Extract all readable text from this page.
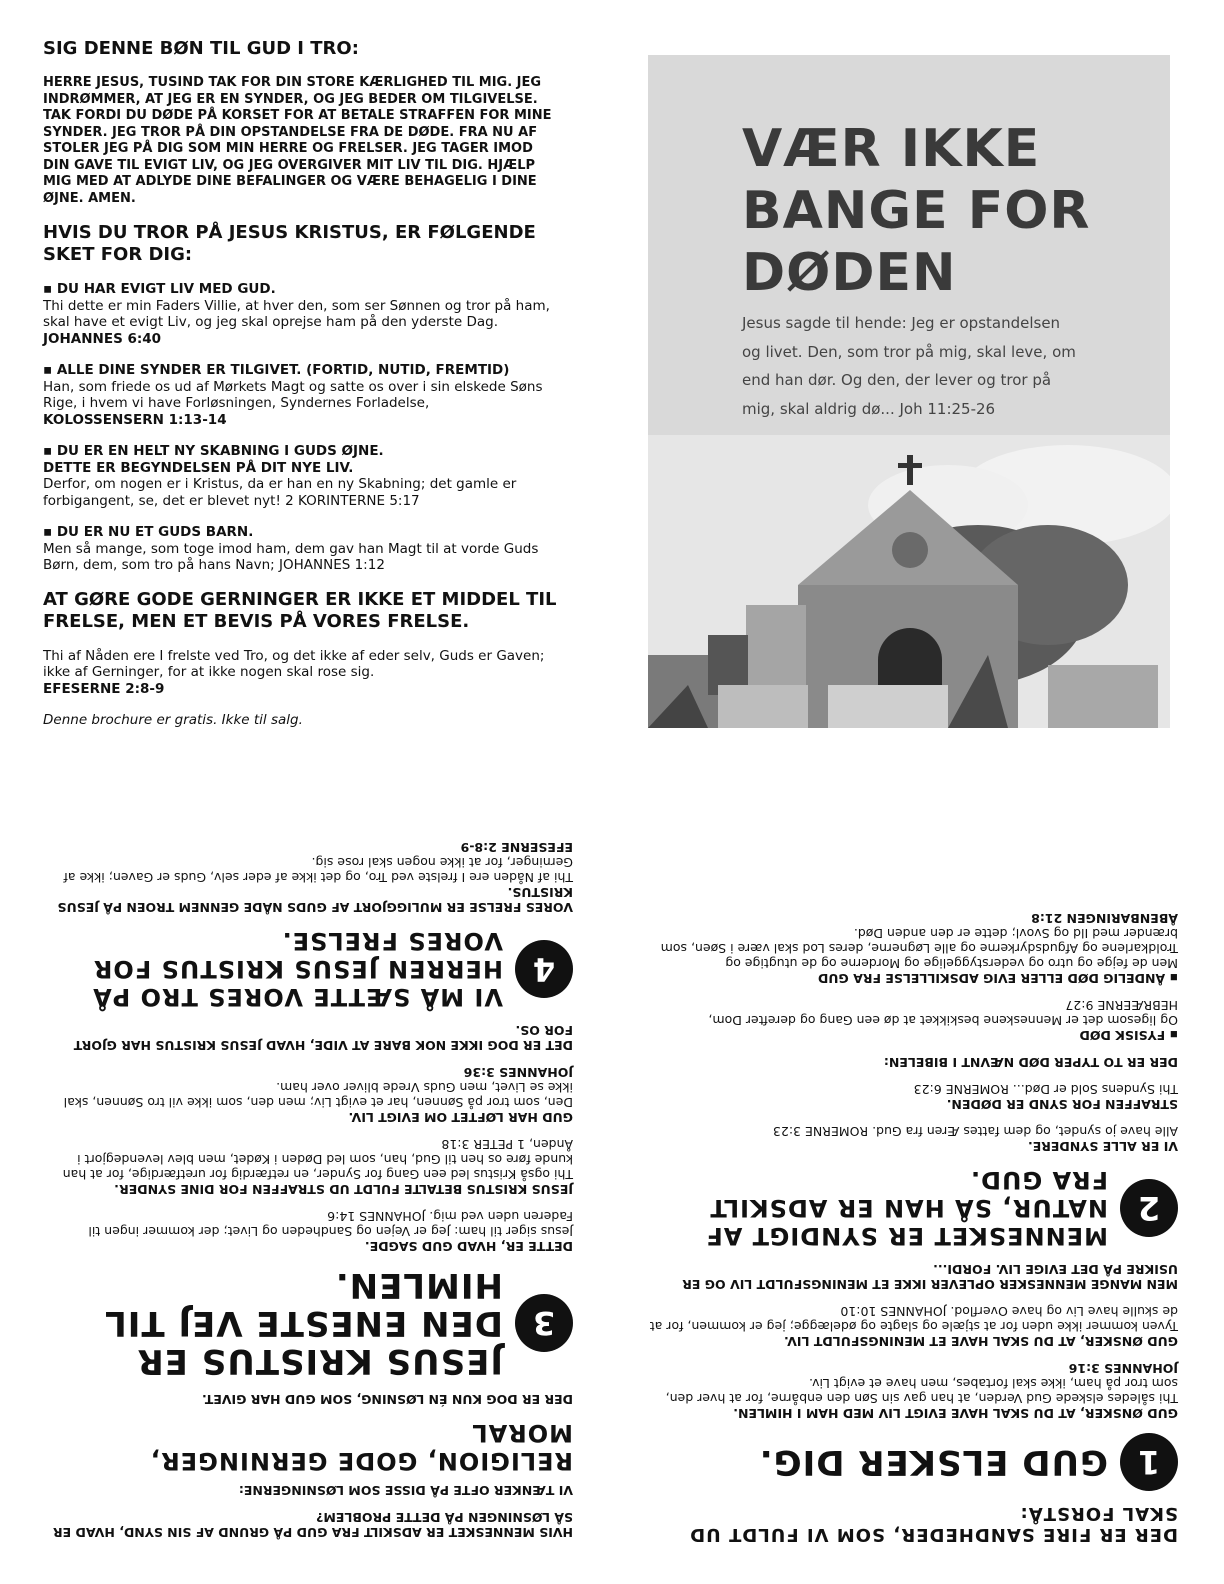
SIG DENNE BØN TIL GUD I TRO:

HERRE JESUS, TUSIND TAK FOR DIN STORE KÆRLIGHED TIL MIG. JEG INDRØMMER, AT JEG ER EN SYNDER, OG JEG BEDER OM TILGIVELSE. TAK FORDI DU DØDE PÅ KORSET FOR AT BETALE STRAFFEN FOR MINE SYNDER. JEG TROR PÅ DIN OPSTANDELSE FRA DE DØDE. FRA NU AF STOLER JEG PÅ DIG SOM MIN HERRE OG FRELSER. JEG TAGER IMOD DIN GAVE TIL EVIGT LIV, OG JEG OVERGIVER MIT LIV TIL DIG. HJÆLP MIG MED AT ADLYDE DINE BEFALINGER OG VÆRE BEHAGELIG I DINE ØJNE. AMEN.

HVIS DU TROR PÅ JESUS KRISTUS, ER FØLGENDE SKET FOR DIG:

▪ DU HAR EVIGT LIV MED GUD.

Thi dette er min Faders Villie, at hver den, som ser Sønnen og tror på ham, skal have et evigt Liv, og jeg skal oprejse ham på den yderste Dag.

JOHANNES 6:40

▪ ALLE DINE SYNDER ER TILGIVET. (FORTID, NUTID, FREMTID)

Han, som friede os ud af Mørkets Magt og satte os over i sin elskede Søns Rige, i hvem vi have Forløsningen, Syndernes Forladelse,

KOLOSSENSERN 1:13-14

▪ DU ER EN HELT NY SKABNING I GUDS ØJNE.

DETTE ER BEGYNDELSEN PÅ DIT NYE LIV.

Derfor, om nogen er i Kristus, da er han en ny Skabning; det gamle er forbigangent, se, det er blevet nyt! 2 KORINTERNE 5:17

▪ DU ER NU ET GUDS BARN.

Men så mange, som toge imod ham, dem gav han Magt til at vorde Guds Børn, dem, som tro på hans Navn; JOHANNES 1:12

AT GØRE GODE GERNINGER ER IKKE ET MIDDEL TIL FRELSE, MEN ET BEVIS PÅ VORES FRELSE.

Thi af Nåden ere I frelste ved Tro, og det ikke af eder selv, Guds er Gaven; ikke af Gerninger, for at ikke nogen skal rose sig.

EFESERNE 2:8-9

Denne brochure er gratis. Ikke til salg.

VÆR IKKE
BANGE FOR
DØDEN

Jesus sagde til hende: Jeg er opstandelsen og livet. Den, som tror på mig, skal leve, om end han dør. Og den, der lever og tror på mig, skal aldrig dø... Joh 11:25-26

HVIS MENNESKET ER ADSKILT FRA GUD PÅ GRUND AF SIN SYND, HVAD ER SÅ LØSNINGEN PÅ DETTE PROBLEM?

VI TÆNKER OFTE PÅ DISSE SOM LØSNINGERNE:

RELIGION, GODE GERNINGER, MORAL

DER ER DOG KUN ÉN LØSNING, SOM GUD HAR GIVET.

3

JESUS KRISTUS ER DEN ENESTE VEJ TIL HIMLEN.

DETTE ER, HVAD GUD SAGDE.

Jesus siger til ham: Jeg er Vejen og Sandheden og Livet; der kommer ingen til Faderen uden ved mig. JOHANNES 14:6

JESUS KRISTUS BETALTE FULDT UD STRAFFEN FOR DINE SYNDER.

Thi også Kristus led een Gang for Synder, en retfærdig for uretfærdige, for at han kunde føre os hen til Gud, han, som led Døden i Kødet, men blev levendegjort i Ånden, 1 PETER 3:18

GUD HAR LØFTET OM EVIGT LIV.

Den, som tror på Sønnen, har et evigt Liv; men den, som ikke vil tro Sønnen, skal ikke se Livet, men Guds Vrede bliver over ham.

JOHANNES 3:36

DET ER DOG IKKE NOK BARE AT VIDE, HVAD JESUS KRISTUS HAR GJORT FOR OS.

4

VI MÅ SÆTTE VORES TRO PÅ HERREN JESUS KRISTUS FOR VORES FRELSE.

VORES FRELSE ER MULIGGJORT AF GUDS NÅDE GENNEM TROEN PÅ JESUS KRISTUS.

Thi af Nåden ere I frelste ved Tro, og det ikke af eder selv, Guds er Gaven; ikke af Gerninger, for at ikke nogen skal rose sig.

EFESERNE 2:8-9

DER ER FIRE SANDHEDER, SOM VI FULDT UD SKAL FORSTÅ:

1

GUD ELSKER DIG.

GUD ØNSKER, AT DU SKAL HAVE EVIGT LIV MED HAM I HIMLEN.

Thi således elskede Gud Verden, at han gav sin Søn den enbårne, for at hver den, som tror på ham, ikke skal fortabes, men have et evigt Liv.

JOHANNES 3:16

GUD ØNSKER, AT DU SKAL HAVE ET MENINGSFULDT LIV.

Tyven kommer ikke uden for at stjæle og slagte og ødelægge; jeg er kommen, for at de skulle have Liv og have Overflod. JOHANNES 10:10

MEN MANGE MENNESKER OPLEVER IKKE ET MENINGSFULDT LIV OG ER USIKRE PÅ DET EVIGE LIV. FORDI...

2

MENNESKET ER SYNDIGT AF NATUR, SÅ HAN ER ADSKILT FRA GUD.

VI ER ALLE SYNDERE.

Alle have jo syndet, og dem fattes Æren fra Gud. ROMERNE 3:23

STRAFFEN FOR SYND ER DØDEN.

Thi Syndens Sold er Død... ROMERNE 6:23

DER ER TO TYPER DØD NÆVNT I BIBELEN:

▪ FYSISK DØD

Og ligesom det er Menneskene beskikket at dø een Gang og derefter Dom, HEBRÆERNE 9:27

▪ ÅNDELIG DØD ELLER EVIG ADSKILLELSE FRA GUD

Men de fejge og utro og vederstyggelige og Morderne og de utugtige og Troldkarlene og Afgudsdyrkerne og alle Løgnerne, deres Lod skal være i Søen, som brænder med Ild og Svovl; dette er den anden Død.

ÅBENBARINGEN 21:8
